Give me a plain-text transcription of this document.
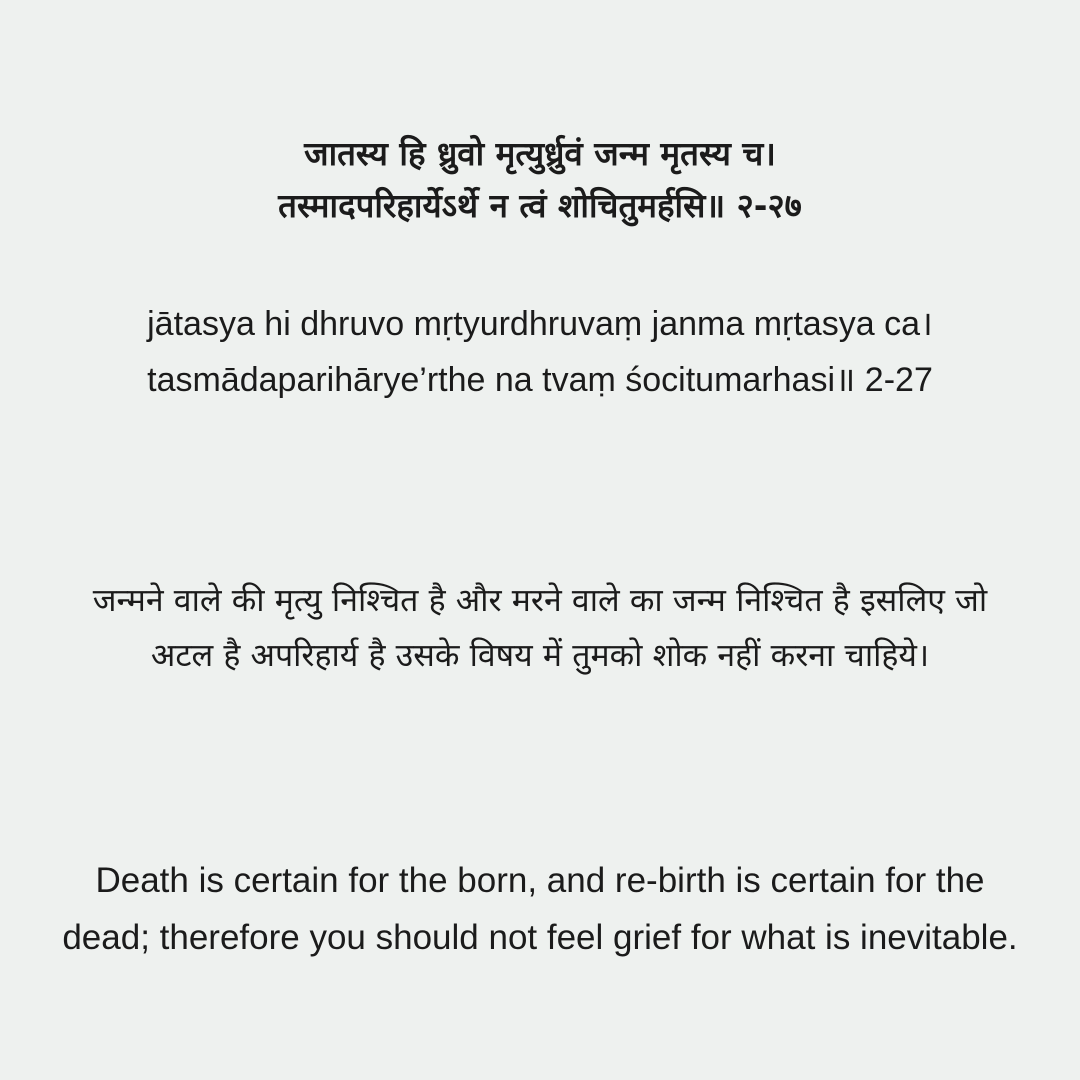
जातस्य हि ध्रुवो मृत्युर्ध्रुवं जन्म मृतस्य च।
तस्मादपरिहार्येऽर्थे न त्वं शोचितुमर्हसि॥ २-२७
jātasya hi dhruvo mṛtyurdhruvaṃ janma mṛtasya ca।
tasmādaparihārye’rthe na tvaṃ śocitumarhasi॥ 2-27
जन्मने वाले की मृत्यु निश्चित है और मरने वाले का जन्म निश्चित है इसलिए जो
अटल है अपरिहार्य है उसके विषय में तुमको शोक नहीं करना चाहिये।
Death is certain for the born, and re-birth is certain for the
dead; therefore you should not feel grief for what is inevitable.
